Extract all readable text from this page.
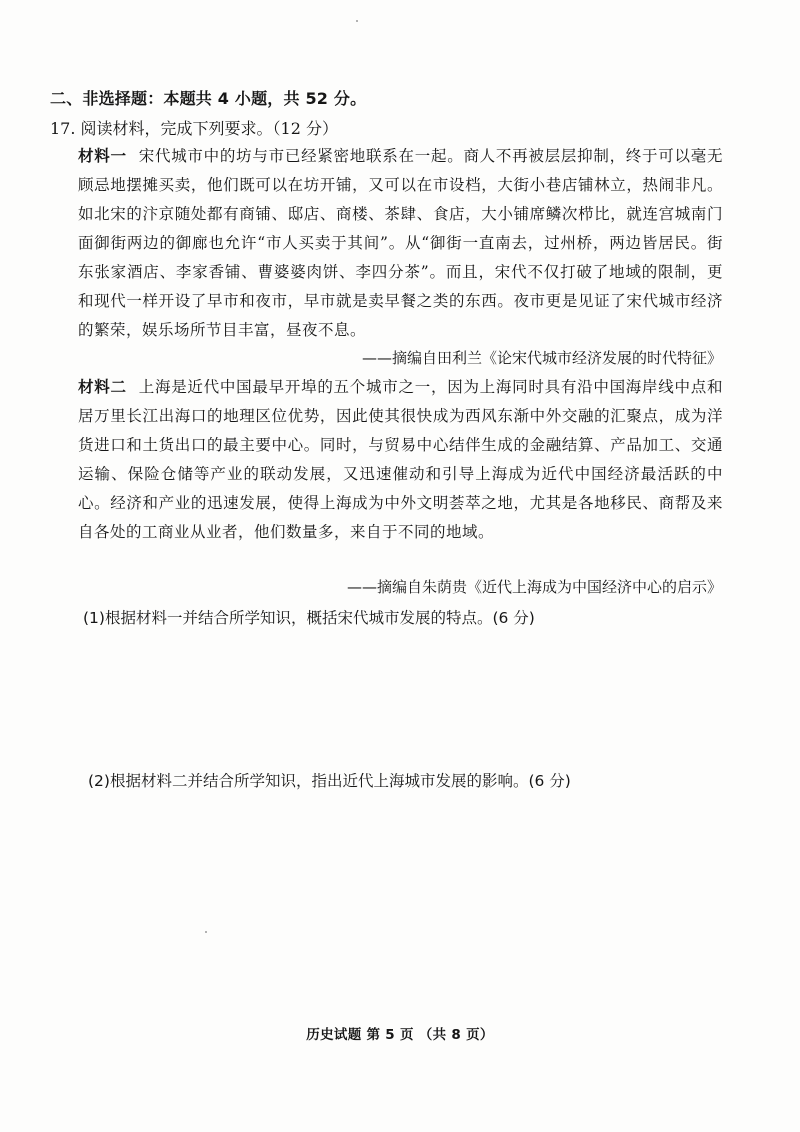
二、非选择题：本题共 4 小题，共 52 分。
17. 阅读材料，完成下列要求。（12 分）
材料一 宋代城市中的坊与市已经紧密地联系在一起。商人不再被层层抑制，终于可以毫无顾忌地摆摊买卖，他们既可以在坊开铺，又可以在市设档，大街小巷店铺林立，热闹非凡。如北宋的汴京随处都有商铺、邸店、商楼、茶肆、食店，大小铺席鳞次栉比，就连宫城南门面御街两边的御廊也允许“市人买卖于其间”。从“御街一直南去，过州桥，两边皆居民。街东张家酒店、李家香铺、曹婆婆肉饼、李四分茶”。而且，宋代不仅打破了地域的限制，更和现代一样开设了早市和夜市，早市就是卖早餐之类的东西。夜市更是见证了宋代城市经济的繁荣，娱乐场所节目丰富，昼夜不息。
——摘编自田利兰《论宋代城市经济发展的时代特征》
材料二 上海是近代中国最早开埠的五个城市之一，因为上海同时具有沿中国海岸线中点和居万里长江出海口的地理区位优势，因此使其很快成为西风东渐中外交融的汇聚点，成为洋货进口和土货出口的最主要中心。同时，与贸易中心结伴生成的金融结算、产品加工、交通运输、保险仓储等产业的联动发展，又迅速催动和引导上海成为近代中国经济最活跃的中心。经济和产业的迅速发展，使得上海成为中外文明荟萃之地，尤其是各地移民、商帮及来自各处的工商业从业者，他们数量多，来自于不同的地域。
——摘编自朱荫贵《近代上海成为中国经济中心的启示》
(1)根据材料一并结合所学知识，概括宋代城市发展的特点。(6 分)
(2)根据材料二并结合所学知识，指出近代上海城市发展的影响。(6 分)
历史试题 第 5 页 （共 8 页）
